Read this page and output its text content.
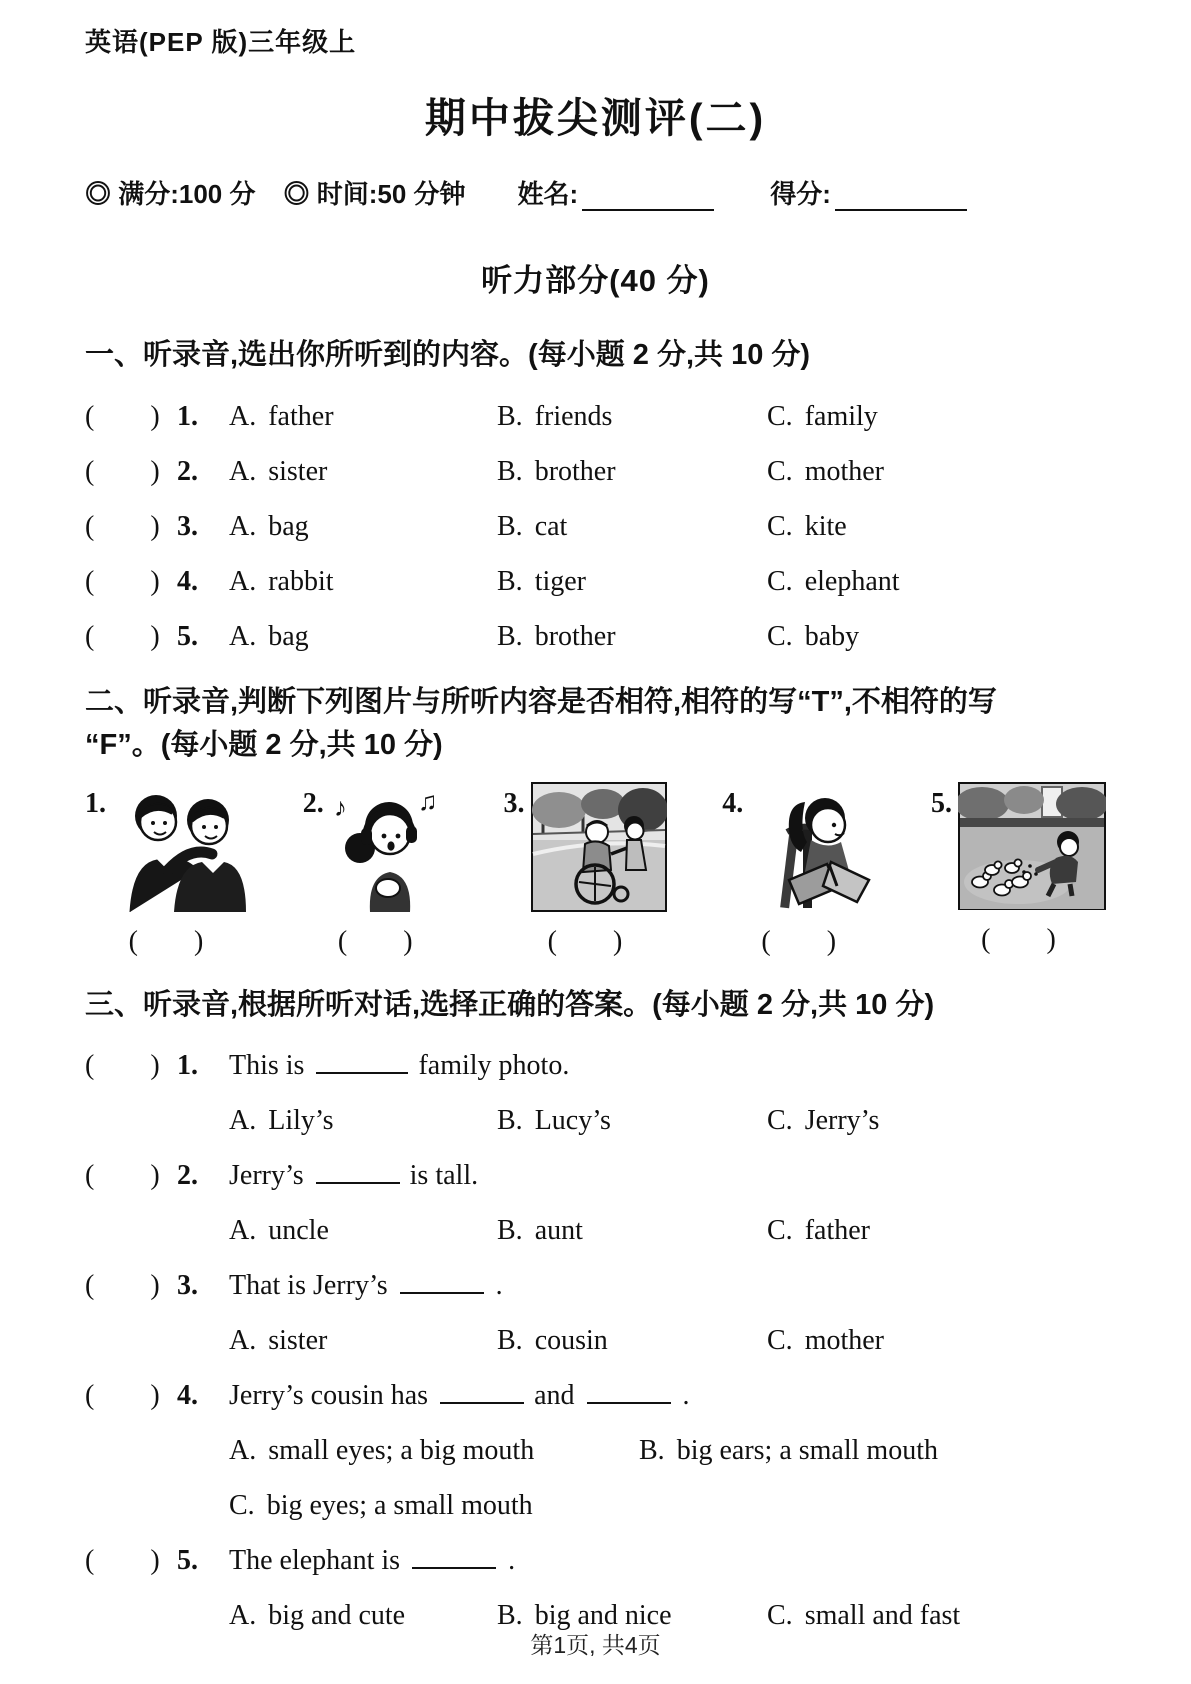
英语(PEP 版)三年级上
期中拔尖测评(二)
◎ 满分:100 分 ◎ 时间:50 分钟 姓名:	得分:
听力部分(40 分)
一、听录音,选出你所听到的内容。(每小题 2 分,共 10 分)
(        ) 1.	A. father	B. friends	C. family
(        ) 2.	A. sister	B. brother	C. mother
(        ) 3.	A. bag	B. cat	C. kite
(        ) 4.	A. rabbit	B. tiger	C. elephant
(        ) 5.	A. bag	B. brother	C. baby
二、听录音,判断下列图片与所听内容是否相符,相符的写“T”,不相符的写
“F”。(每小题 2 分,共 10 分)
1.
(        )
2. ♪	♫
(        )
3.
(        )
4.
(        )
5.
(        )
三、听录音,根据所听对话,选择正确的答案。(每小题 2 分,共 10 分)
(        ) 1.	This is	family photo.
A. Lily’s	B. Lucy’s	C. Jerry’s
(        ) 2.	Jerry’s	is tall.
A. uncle	B. aunt	C. father
(        ) 3.	That is Jerry’s	.
A. sister	B. cousin	C. mother
(        ) 4.	Jerry’s cousin has	and	.
A. small eyes; a big mouth	B. big ears; a small mouth
C. big eyes; a small mouth
(        ) 5.	The elephant is	.
A. big and cute	B. big and nice	C. small and fast
第1页, 共4页
